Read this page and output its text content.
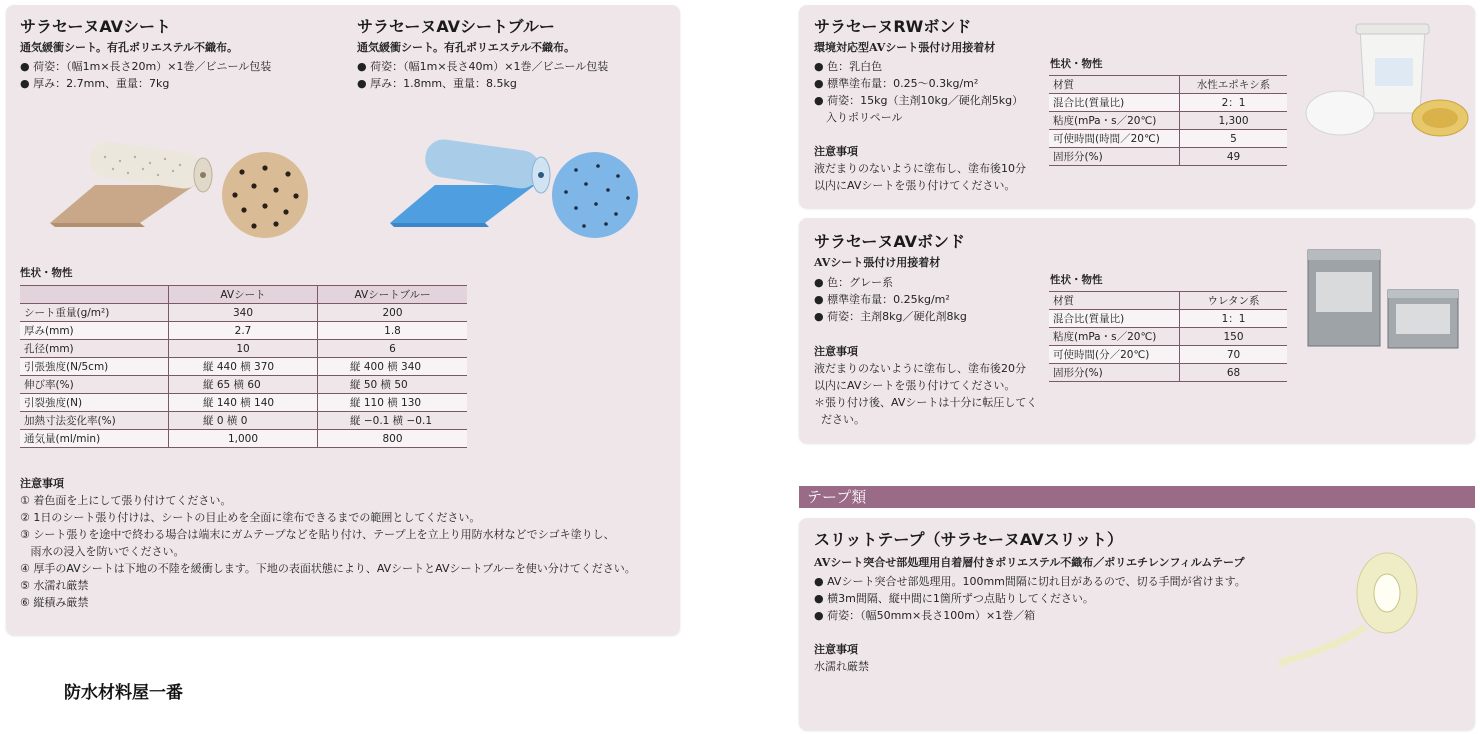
サラセーヌAVシート
通気緩衝シート。有孔ポリエステル不織布。
● 荷姿：（幅1m×長さ20m）×1巻／ビニール包装
● 厚み：2.7mm、重量：7kg
サラセーヌAVシートブルー
通気緩衝シート。有孔ポリエステル不織布。
● 荷姿：（幅1m×長さ40m）×1巻／ビニール包装
● 厚み：1.8mm、重量：8.5kg
性状・物性
	AVシート	AVシートブルー
シート重量(g/m²)	340	200
厚み(mm)	2.7	1.8
孔径(mm)	10	6
引張強度(N/5cm)	縦 440 横 370	縦 400 横 340
伸び率(%)	縦 65 横 60	縦 50 横 50
引裂強度(N)	縦 140 横 140	縦 110 横 130
加熱寸法変化率(%)	縦 0 横 0	縦 −0.1 横 −0.1
通気量(ml/min)	1,000	800
注意事項
① 着色面を上にして張り付けてください。
② 1日のシート張り付けは、シートの目止めを全面に塗布できるまでの範囲としてください。
③ シート張りを途中で終わる場合は端末にガムテープなどを貼り付け、テープ上を立上り用防水材などでシゴキ塗りし、
雨水の浸入を防いでください。
④ 厚手のAVシートは下地の不陸を緩衝します。下地の表面状態により、AVシートとAVシートブルーを使い分けてください。
⑤ 水濡れ厳禁
⑥ 縦積み厳禁
防水材料屋一番
サラセーヌRWボンド
環境対応型AVシート張付け用接着材
● 色：乳白色
● 標準塗布量：0.25〜0.3kg/m²
● 荷姿：15kg（主剤10kg／硬化剤5kg）
入りポリペール
注意事項
液だまりのないように塗布し、塗布後10分
以内にAVシートを張り付けてください。
性状・物性
材質	水性エポキシ系
混合比(質量比)	2：1
粘度(mPa・s／20℃)	1,300
可使時間(時間／20℃)	5
固形分(%)	49
サラセーヌAVボンド
AVシート張付け用接着材
● 色：グレー系
● 標準塗布量：0.25kg/m²
● 荷姿：主剤8kg／硬化剤8kg
注意事項
液だまりのないように塗布し、塗布後20分
以内にAVシートを張り付けてください。
＊張り付け後、AVシートは十分に転圧してく
ださい。
性状・物性
材質	ウレタン系
混合比(質量比)	1：1
粘度(mPa・s／20℃)	150
可使時間(分／20℃)	70
固形分(%)	68
テープ類
スリットテープ（サラセーヌAVスリット）
AVシート突合せ部処理用自着層付きポリエステル不織布／ポリエチレンフィルムテープ
● AVシート突合せ部処理用。100mm間隔に切れ目があるので、切る手間が省けます。
● 横3m間隔、縦中間に1箇所ずつ点貼りしてください。
● 荷姿：（幅50mm×長さ100m）×1巻／箱
注意事項
水濡れ厳禁
